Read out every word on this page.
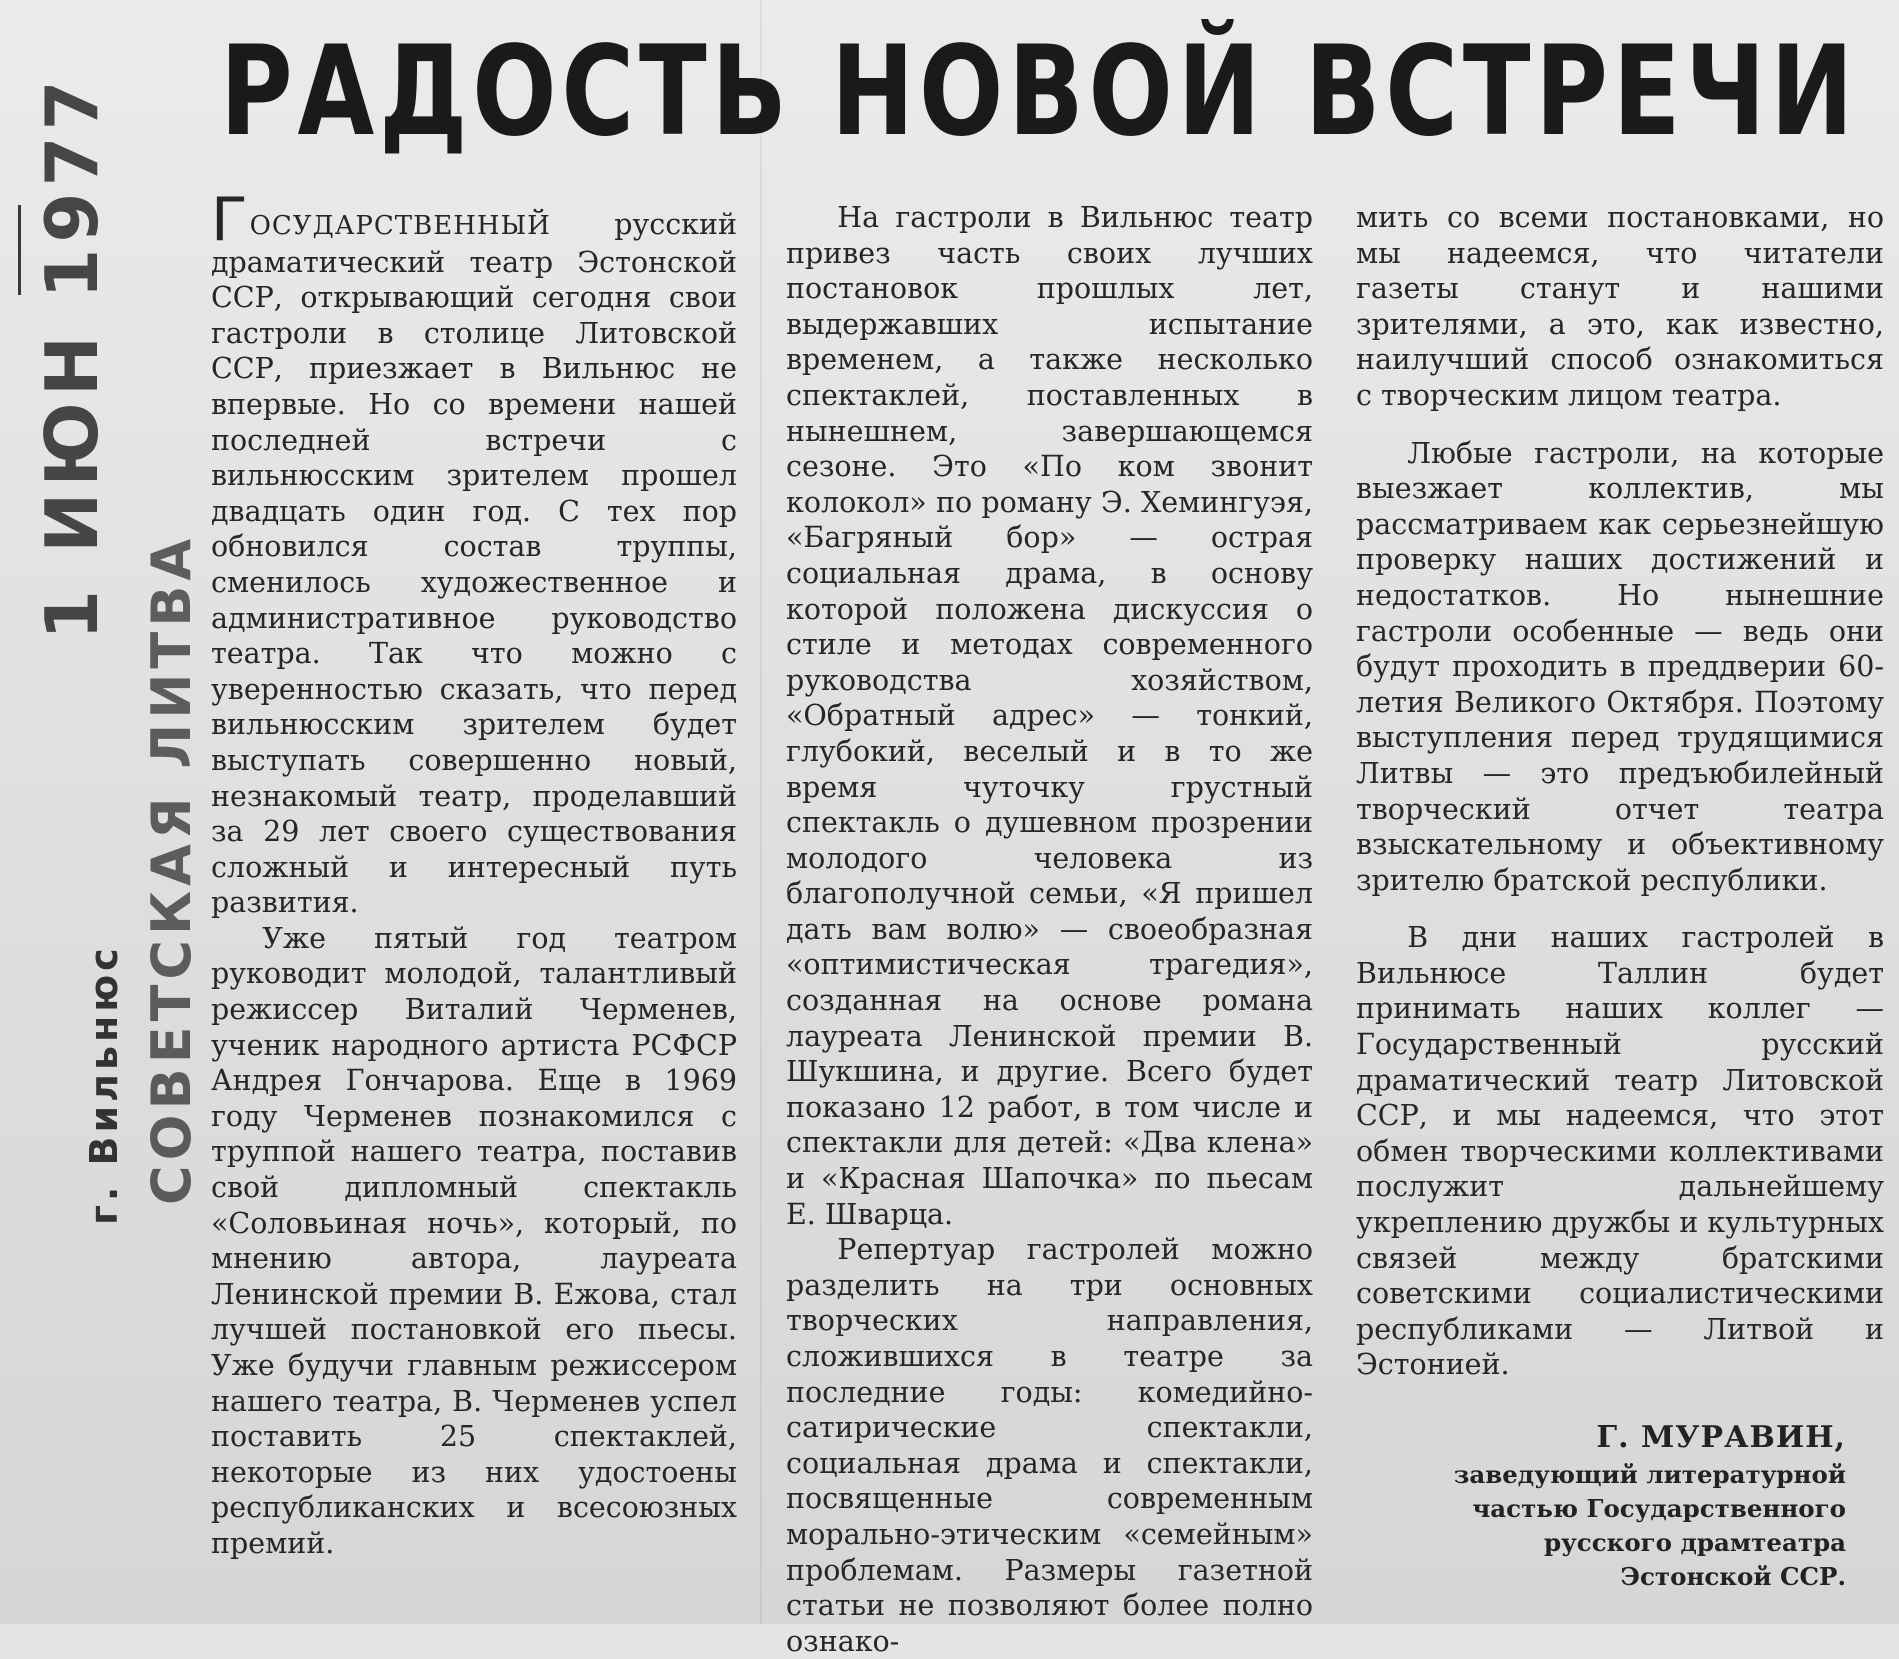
РАДОСТЬ НОВОЙ ВСТРЕЧИ
1 ИЮН 1977
СОВЕТСКАЯ ЛИТВА
г. Вильнюс

ГОСУДАРСТВЕННЫЙ русский драматический театр Эстонской ССР, открывающий сегодня свои гастроли в столице Литовской ССР, приезжает в Вильнюс не впервые. Но со времени нашей последней встречи с вильнюсским зрителем прошел двадцать один год. С тех пор обновился состав труппы, сменилось художественное и административное руководство театра. Так что можно с уверенностью сказать, что перед вильнюсским зрителем будет выступать совершенно новый, незнакомый театр, проделавший за 29 лет своего существования сложный и интересный путь развития.

Уже пятый год театром руководит молодой, талантливый режиссер Виталий Черменев, ученик народного артиста РСФСР Андрея Гончарова. Еще в 1969 году Черменев познакомился с труппой нашего театра, поставив свой дипломный спектакль «Соловьиная ночь», который, по мнению автора, лауреата Ленинской премии В. Ежова, стал лучшей постановкой его пьесы. Уже будучи главным режиссером нашего театра, В. Черменев успел поставить 25 спектаклей, некоторые из них удостоены республиканских и всесоюзных премий.

На гастроли в Вильнюс театр привез часть своих лучших постановок прошлых лет, выдержавших испытание временем, а также несколько спектаклей, поставленных в нынешнем, завершающемся сезоне. Это «По ком звонит колокол» по роману Э. Хемингуэя, «Багряный бор» — острая социальная драма, в основу которой положена дискуссия о стиле и методах современного руководства хозяйством, «Обратный адрес» — тонкий, глубокий, веселый и в то же время чуточку грустный спектакль о душевном прозрении молодого человека из благополучной семьи, «Я пришел дать вам волю» — своеобразная «оптимистическая трагедия», созданная на основе романа лауреата Ленинской премии В. Шукшина, и другие. Всего будет показано 12 работ, в том числе и спектакли для детей: «Два клена» и «Красная Шапочка» по пьесам Е. Шварца.

Репертуар гастролей можно разделить на три основных творческих направления, сложившихся в театре за последние годы: комедийно-сатирические спектакли, социальная драма и спектакли, посвященные современным морально-этическим «семейным» проблемам. Размеры газетной статьи не позволяют более полно ознако-

мить со всеми постановками, но мы надеемся, что читатели газеты станут и нашими зрителями, а это, как известно, наилучший способ ознакомиться с творческим лицом театра.

Любые гастроли, на которые выезжает коллектив, мы рассматриваем как серьезнейшую проверку наших достижений и недостатков. Но нынешние гастроли особенные — ведь они будут проходить в преддверии 60-летия Великого Октября. Поэтому выступления перед трудящимися Литвы — это предъюбилейный творческий отчет театра взыскательному и объективному зрителю братской республики.

В дни наших гастролей в Вильнюсе Таллин будет принимать наших коллег — Государственный русский драматический театр Литовской ССР, и мы надеемся, что этот обмен творческими коллективами послужит дальнейшему укреплению дружбы и культурных связей между братскими советскими социалистическими республиками — Литвой и Эстонией.

Г. МУРАВИН,
заведующий литературной
частью Государственного
русского драмтеатра
Эстонской ССР.
